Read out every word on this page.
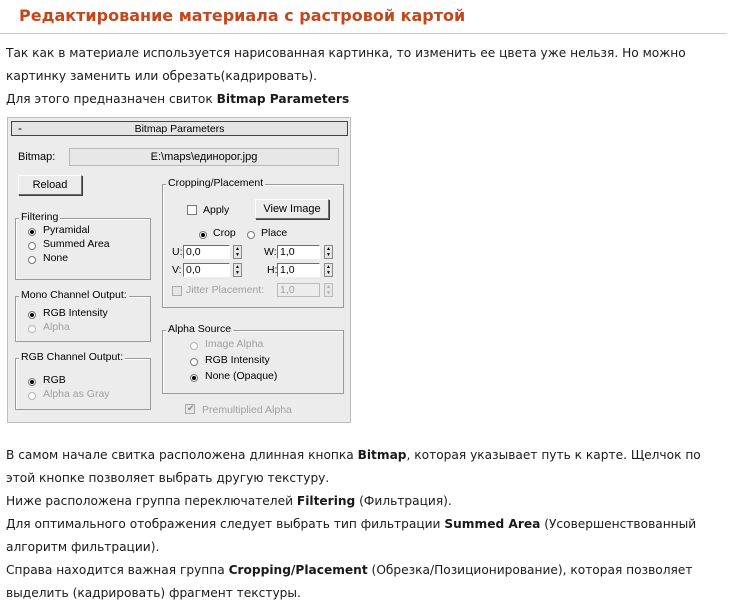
Редактирование материала с растровой картой
Так как в материале используется нарисованная картинка, то изменить ее цвета уже нельзя. Но можно
картинку заменить или обрезать(кадрировать).
Для этого предназначен свиток Bitmap Parameters
-	Bitmap Parameters
Bitmap:	E:\maps\единорог.jpg
Reload
Filtering
Pyramidal
Summed Area
None
Mono Channel Output:
RGB Intensity
Alpha
RGB Channel Output:
RGB
Alpha as Gray
Cropping/Placement
Apply	View Image
Crop Place
U: 0,0	▲
▼ W: 1,0	▲
▼
V: 0,0	▲
▼	H: 1,0	▲
▼
Jitter Placement: 1,0	▲
▼
Alpha Source
Image Alpha
RGB Intensity
None (Opaque)
✔ Premultiplied Alpha
В самом начале свитка расположена длинная кнопка Bitmap, которая указывает путь к карте. Щелчок по
этой кнопке позволяет выбрать другую текстуру.
Ниже расположена группа переключателей Filtering (Фильтрация).
Для оптимального отображения следует выбрать тип фильтрации Summed Area (Усовершенствованный
алгоритм фильтрации).
Справа находится важная группа Cropping/Placement (Обрезка/Позиционирование), которая позволяет
выделить (кадрировать) фрагмент текстуры.
